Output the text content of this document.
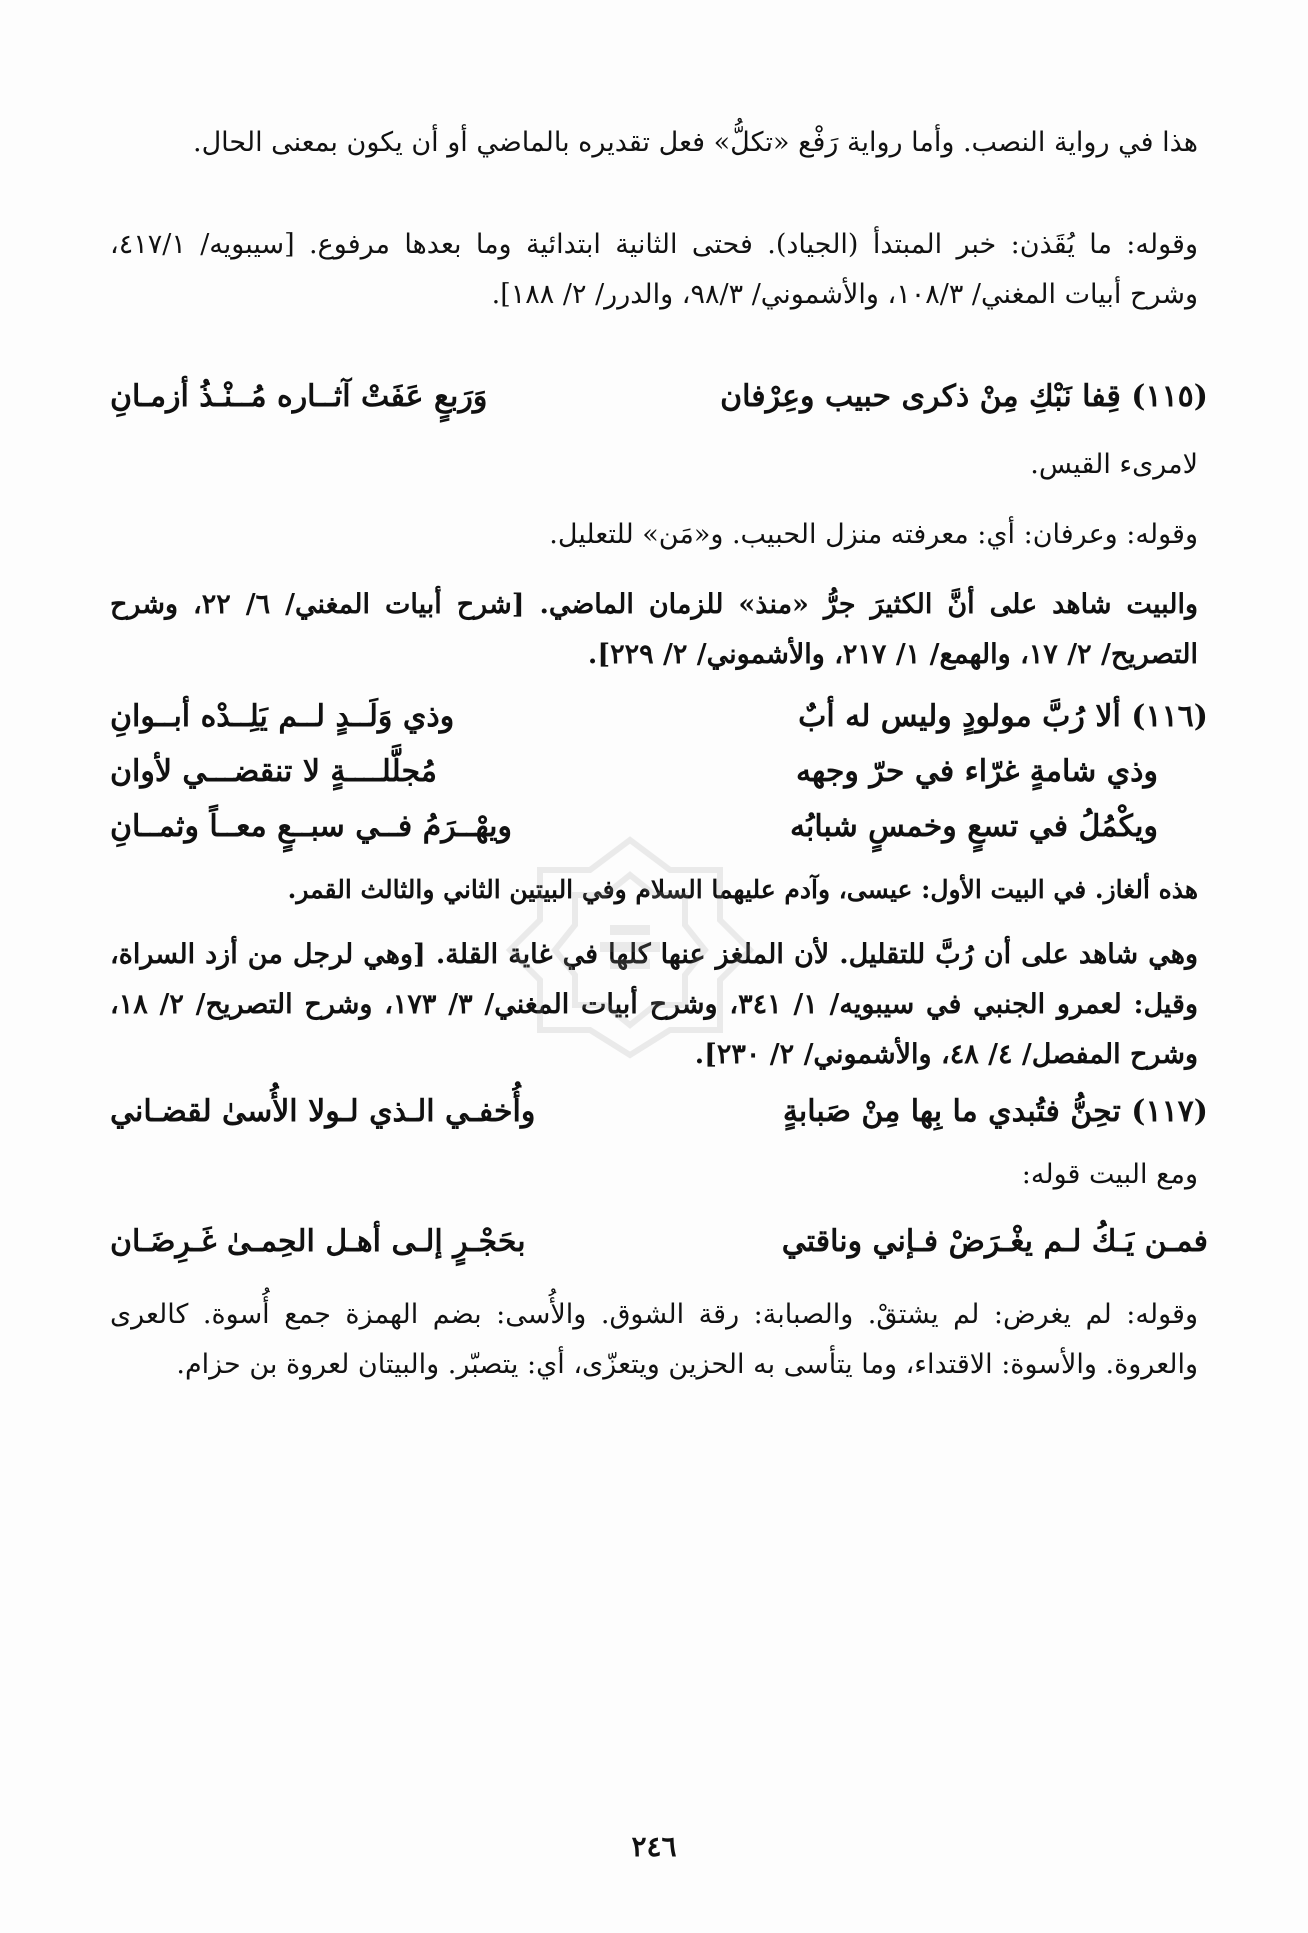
هذا في رواية النصب. وأما رواية رَفْع «تكلُّ» فعل تقديره بالماضي أو أن يكون بمعنى الحال.
وقوله: ما يُقَذن: خبر المبتدأ (الجياد). فحتى الثانية ابتدائية وما بعدها مرفوع. [سيبويه/ ٤١٧/١، وشرح أبيات المغني/ ١٠٨/٣، والأشموني/ ٩٨/٣، والدرر/ ٢/ ١٨٨].
(١١٥) قِفا نَبْكِ مِنْ ذكرى حبيب وعِرْفان
وَرَبعٍ عَفَتْ آثــاره مُــنْـذُ أزمـانِ
لامرىء القيس.
وقوله: وعرفان: أي: معرفته منزل الحبيب. و«مَن» للتعليل.
والبيت شاهد على أنَّ الكثيرَ جرُّ «منذ» للزمان الماضي. [شرح أبيات المغني/ ٦/ ٢٢، وشرح التصريح/ ٢/ ١٧، والهمع/ ١/ ٢١٧، والأشموني/ ٢/ ٢٢٩].
(١١٦) ألا رُبَّ مولودٍ وليس له أبٌ
وذي وَلَــدٍ لــم يَلِــدْه أبــوانِ
وذي شامةٍ غرّاء في حرّ وجهه
مُجلَّلــــةٍ لا تنقضـــي لأوان
ويكْمُلُ في تسعٍ وخمسٍ شبابُه
ويهْــرَمُ فــي سبــعٍ معــاً وثمــانِ
هذه ألغاز. في البيت الأول: عيسى، وآدم عليهما السلام وفي البيتين الثاني والثالث القمر.
وهي شاهد على أن رُبَّ للتقليل. لأن الملغز عنها كلها في غاية القلة. [وهي لرجل من أزد السراة، وقيل: لعمرو الجنبي في سيبويه/ ١/ ٣٤١، وشرح أبيات المغني/ ٣/ ١٧٣، وشرح التصريح/ ٢/ ١٨، وشرح المفصل/ ٤/ ٤٨، والأشموني/ ٢/ ٢٣٠].
(١١٧) تحِنُّ فتُبدي ما بِها مِنْ صَبابةٍ
وأُخفـي الـذي لـولا الأُسىٰ لقضـاني
ومع البيت قوله:
فمـن يَـكُ لـم يغْـرَضْ فـإني وناقتي
بحَجْـرٍ إلـى أهـل الحِمـىٰ غَـرِضَـان
وقوله: لم يغرض: لم يشتقْ. والصبابة: رقة الشوق. والأُسى: بضم الهمزة جمع أُسوة. كالعرى والعروة. والأسوة: الاقتداء، وما يتأسى به الحزين ويتعزّى، أي: يتصبّر. والبيتان لعروة بن حزام.
٢٤٦
